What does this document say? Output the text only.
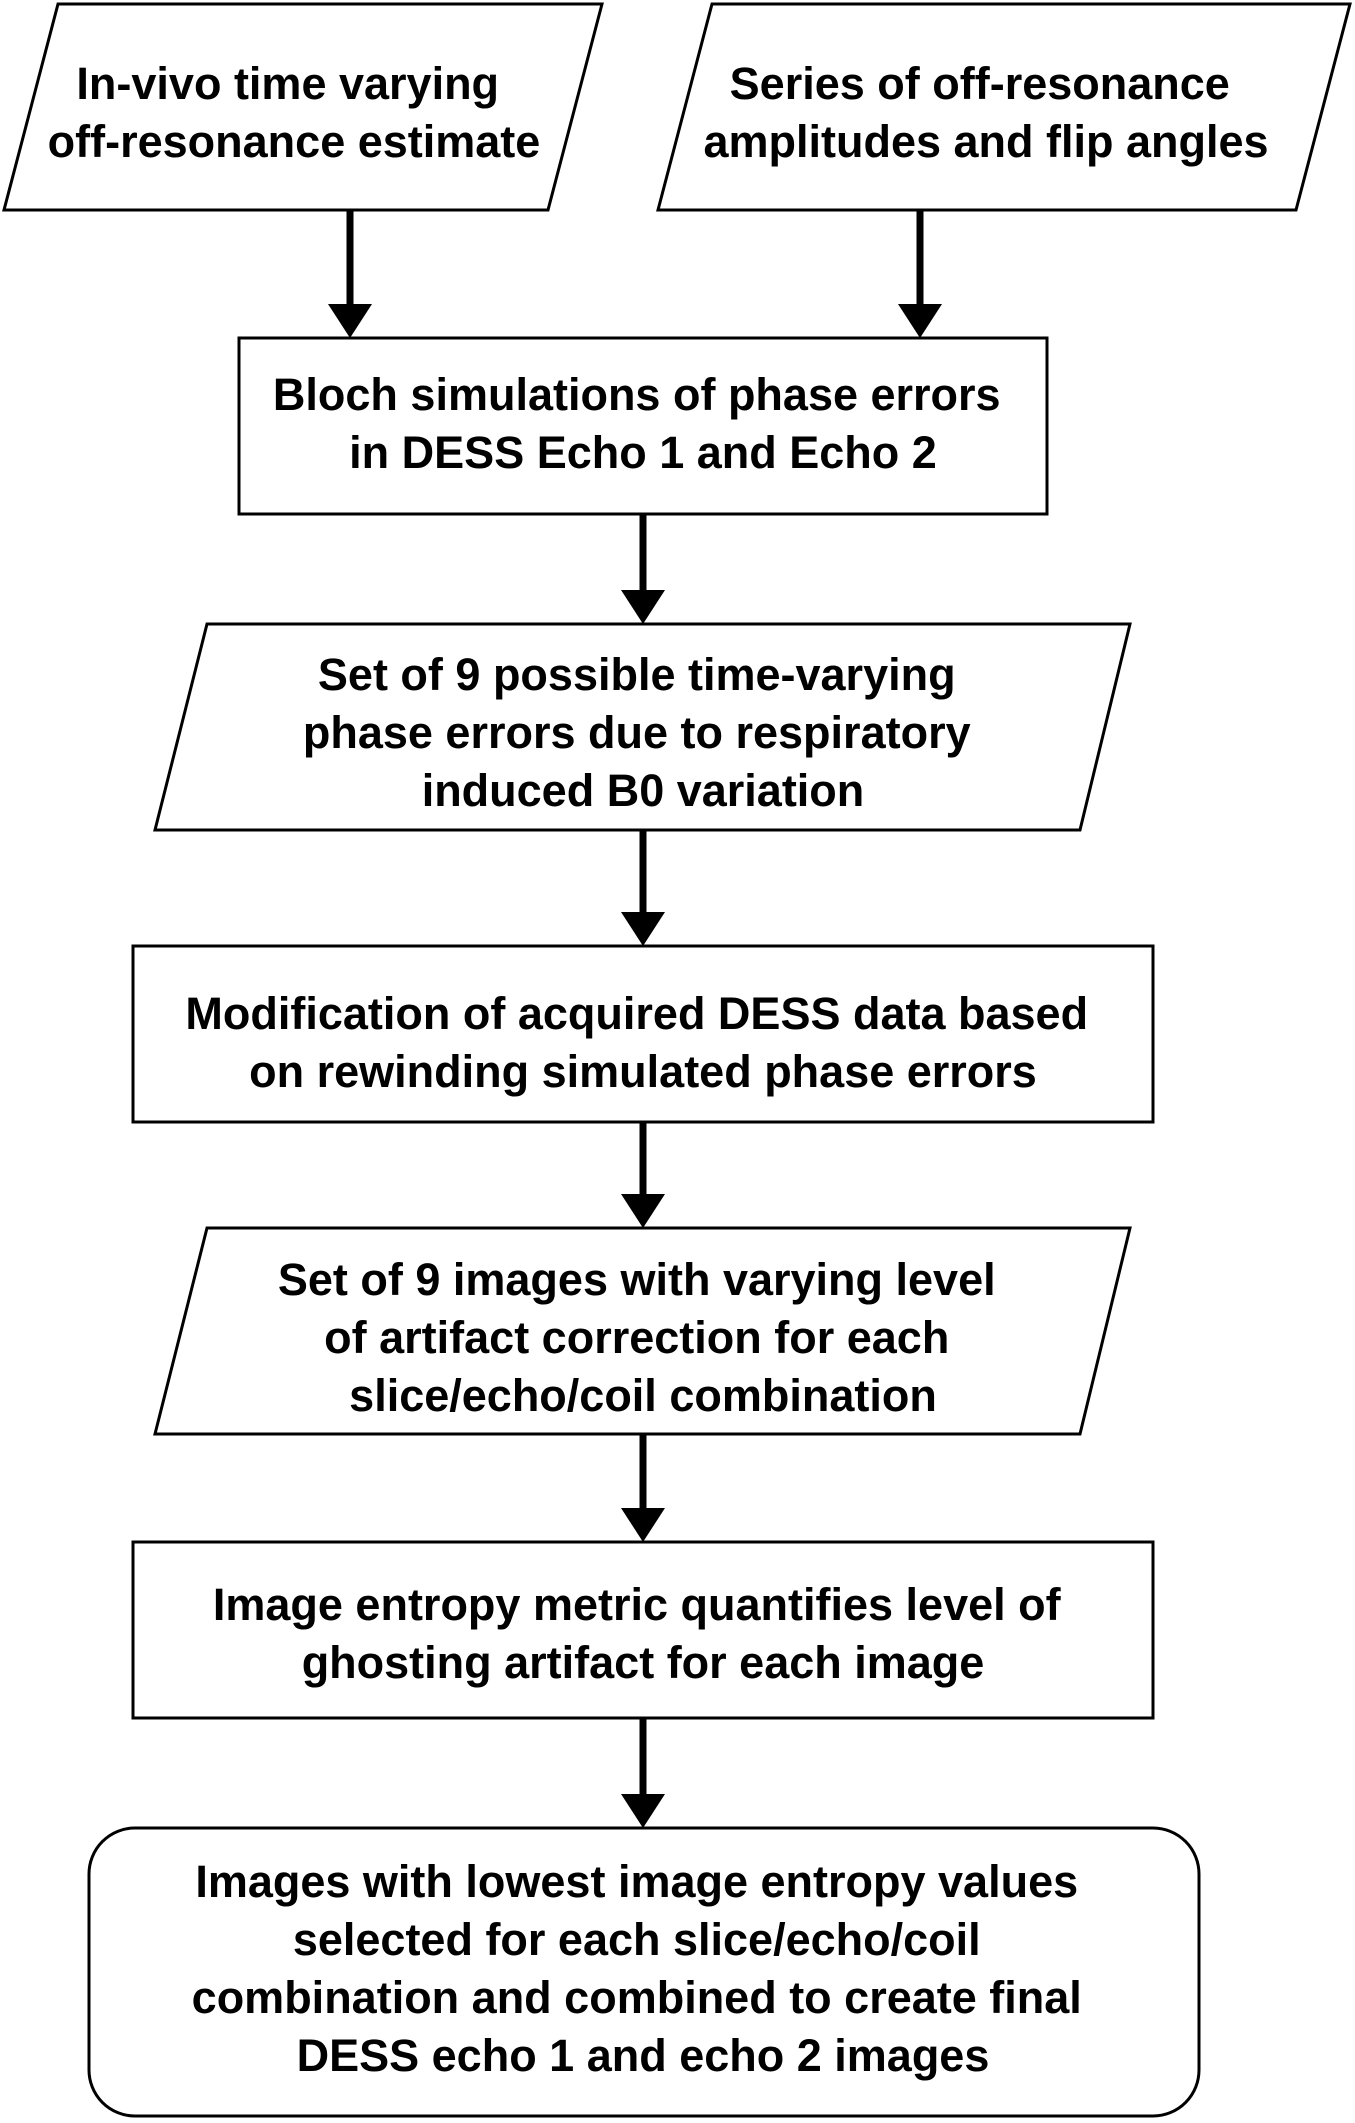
In-vivo time varying off-resonance estimate
Series of off-resonance amplitudes and flip angles
Bloch simulations of phase errors in DESS Echo 1 and Echo 2
Set of 9 possible time-varying phase errors due to respiratory induced B0 variation
Modification of acquired DESS data based on rewinding simulated phase errors
Set of 9 images with varying level of artifact correction for each slice/echo/coil combination
Image entropy metric quantifies level of ghosting artifact for each image
Images with lowest image entropy values selected for each slice/echo/coil combination and combined to create final DESS echo 1 and echo 2 images
